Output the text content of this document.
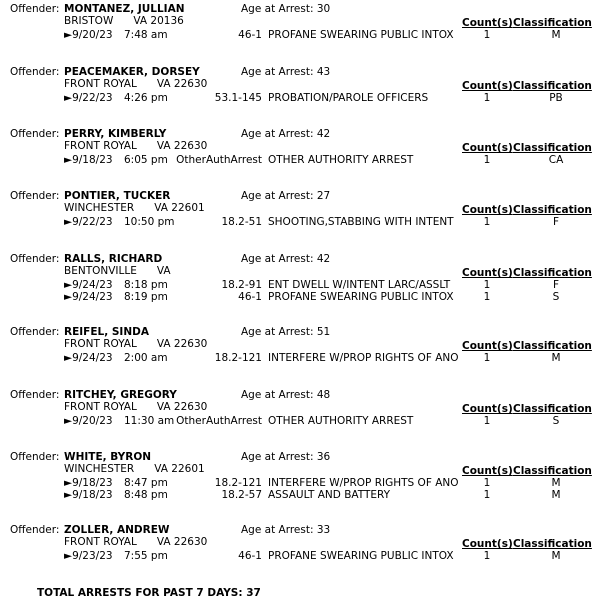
Offender: MONTANEZ, JULLIAN	Age at Arrest: 30
BRISTOW VA 20136	Count(s) Classification
►9/20/23 7:48 am	46-1 PROFANE SWEARING PUBLIC INTOX	1	M
Offender: PEACEMAKER, DORSEY	Age at Arrest: 43
FRONT ROYAL VA 22630	Count(s) Classification
►9/22/23 4:26 pm	53.1-145 PROBATION/PAROLE OFFICERS	1	PB
Offender: PERRY, KIMBERLY	Age at Arrest: 42
FRONT ROYAL VA 22630	Count(s) Classification
►9/18/23 6:05 pm OtherAuthArrest OTHER AUTHORITY ARREST	1	CA
Offender: PONTIER, TUCKER	Age at Arrest: 27
WINCHESTER VA 22601	Count(s) Classification
►9/22/23 10:50 pm	18.2-51 SHOOTING,STABBING WITH INTENT	1	F
Offender: RALLS, RICHARD	Age at Arrest: 42
BENTONVILLE VA	Count(s) Classification
►9/24/23 8:18 pm	18.2-91 ENT DWELL W/INTENT LARC/ASSLT	1	F
►9/24/23 8:19 pm	46-1 PROFANE SWEARING PUBLIC INTOX	1	S
Offender: REIFEL, SINDA	Age at Arrest: 51
FRONT ROYAL VA 22630	Count(s) Classification
►9/24/23 2:00 am	18.2-121 INTERFERE W/PROP RIGHTS OF ANO	1	M
Offender: RITCHEY, GREGORY	Age at Arrest: 48
FRONT ROYAL VA 22630	Count(s) Classification
►9/20/23 11:30 am OtherAuthArrest OTHER AUTHORITY ARREST	1	S
Offender: WHITE, BYRON	Age at Arrest: 36
WINCHESTER VA 22601	Count(s) Classification
►9/18/23 8:47 pm	18.2-121 INTERFERE W/PROP RIGHTS OF ANO	1	M
►9/18/23 8:48 pm	18.2-57 ASSAULT AND BATTERY	1	M
Offender: ZOLLER, ANDREW	Age at Arrest: 33
FRONT ROYAL VA 22630	Count(s) Classification
►9/23/23 7:55 pm	46-1 PROFANE SWEARING PUBLIC INTOX	1	M
TOTAL ARRESTS FOR PAST 7 DAYS: 37
